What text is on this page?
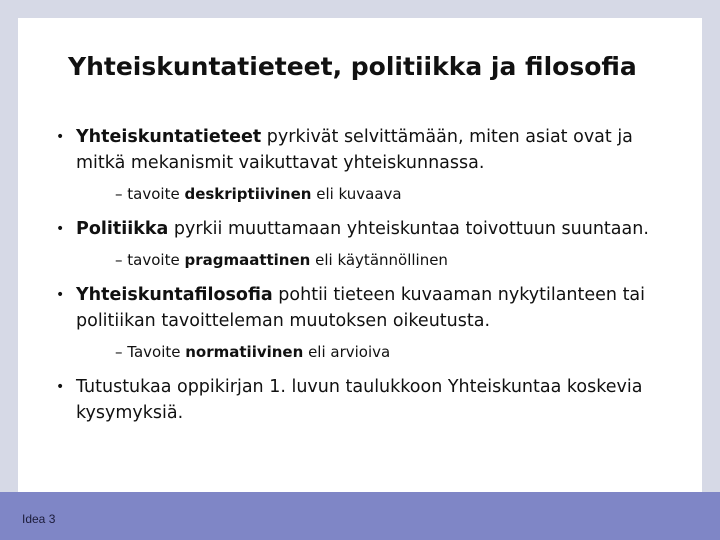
Yhteiskuntatieteet, politiikka ja filosofia
• Yhteiskuntatieteet pyrkivät selvittämään, miten asiat ovat ja mitkä mekanismit vaikuttavat yhteiskunnassa.
– tavoite deskriptiivinen eli kuvaava
• Politiikka pyrkii muuttamaan yhteiskuntaa toivottuun suuntaan.
– tavoite pragmaattinen eli käytännöllinen
• Yhteiskuntafilosofia pohtii tieteen kuvaaman nykytilanteen tai politiikan tavoitteleman muutoksen oikeutusta.
– Tavoite normatiivinen eli arvioiva
• Tutustukaa oppikirjan 1. luvun taulukkoon Yhteiskuntaa koskevia kysymyksiä.
Idea 3
